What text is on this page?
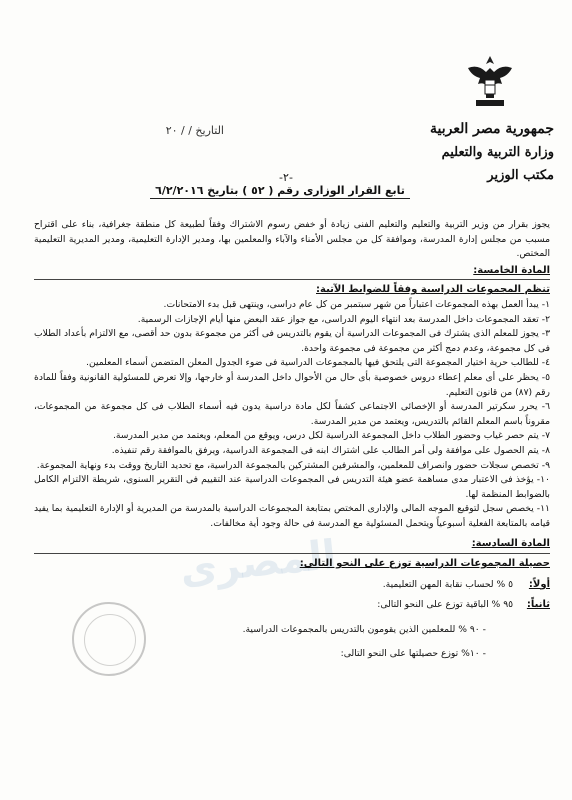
جمهورية مصر العربية
وزارة التربية والتعليم
مكتب الوزير
التاريخ / / ٢٠
-٢-
تابع القرار الوزارى رقم ( ٥٢ ) بتاريخ ٦/٢/٢٠١٦
المصرى

يجوز بقرار من وزير التربية والتعليم والتعليم الفنى زيادة أو خفض رسوم الاشتراك وفقاً لطبيعة كل منطقة جغرافية، بناء على اقتراح مسبب من مجلس إدارة المدرسة، وموافقة كل من مجلس الأمناء والآباء والمعلمين بها، ومدير الإدارة التعليمية، ومدير المديرية التعليمية المختص.

المادة الخامسة:
تنظم المجموعات الدراسية وفقاً للضوابط الآتية:
١- يبدأ العمل بهذه المجموعات اعتباراً من شهر سبتمبر من كل عام دراسى، وينتهى قبل بدء الامتحانات.
٢- تعقد المجموعات داخل المدرسة بعد انتهاء اليوم الدراسى، مع جواز عقد البعض منها أيام الإجازات الرسمية.
٣- يجوز للمعلم الذى يشترك فى المجموعات الدراسية أن يقوم بالتدريس فى أكثر من مجموعة بدون حد أقصى، مع الالتزام بأعداد الطلاب فى كل مجموعة، وعدم دمج أكثر من مجموعة فى مجموعة واحدة.
٤- للطالب حرية اختيار المجموعة التى يلتحق فيها بالمجموعات الدراسية فى ضوء الجدول المعلن المتضمن أسماء المعلمين.
٥- يحظر على أى معلم إعطاء دروس خصوصية بأى حال من الأحوال داخل المدرسة أو خارجها، وإلا تعرض للمسئولية القانونية وفقاً للمادة رقم (٨٧) من قانون التعليم.
٦- يحرر سكرتير المدرسة أو الإخصائى الاجتماعى كشفاً لكل مادة دراسية يدون فيه أسماء الطلاب فى كل مجموعة من المجموعات، مقروناً باسم المعلم القائم بالتدريس، ويعتمد من مدير المدرسة.
٧- يتم حصر غياب وحضور الطلاب داخل المجموعة الدراسية لكل درس، ويوقع من المعلم، ويعتمد من مدير المدرسة.
٨- يتم الحصول على موافقة ولى أمر الطالب على اشتراك ابنه فى المجموعة الدراسية، ويرفق بالموافقة رقم تنفيذه.
٩- تخصص سجلات حضور وانصراف للمعلمين، والمشرفين المشتركين بالمجموعة الدراسية، مع تحديد التاريخ ووقت بدء ونهاية المجموعة.
١٠- يؤخذ فى الاعتبار مدى مساهمة عضو هيئة التدريس فى المجموعات الدراسية عند التقييم فى التقرير السنوى، شريطة الالتزام الكامل بالضوابط المنظمة لها.
١١- يخصص سجل لتوقيع الموجه المالى والإدارى المختص بمتابعة المجموعات الدراسية بالمدرسة من المديرية أو الإدارة التعليمية بما يفيد قيامه بالمتابعة الفعلية أسبوعياً ويتحمل المسئولية مع المدرسة فى حالة وجود أية مخالفات.
المادة السادسة:
حصيلة المجموعات الدراسية توزع على النحو التالى:
أولاً: ٥ % لحساب نقابة المهن التعليمية.
ثانياً: ٩٥ % الباقية توزع على النحو التالى:
- ٩٠ % للمعلمين الذين يقومون بالتدريس بالمجموعات الدراسية.
- ١٠% توزع حصيلتها على النحو التالى:
